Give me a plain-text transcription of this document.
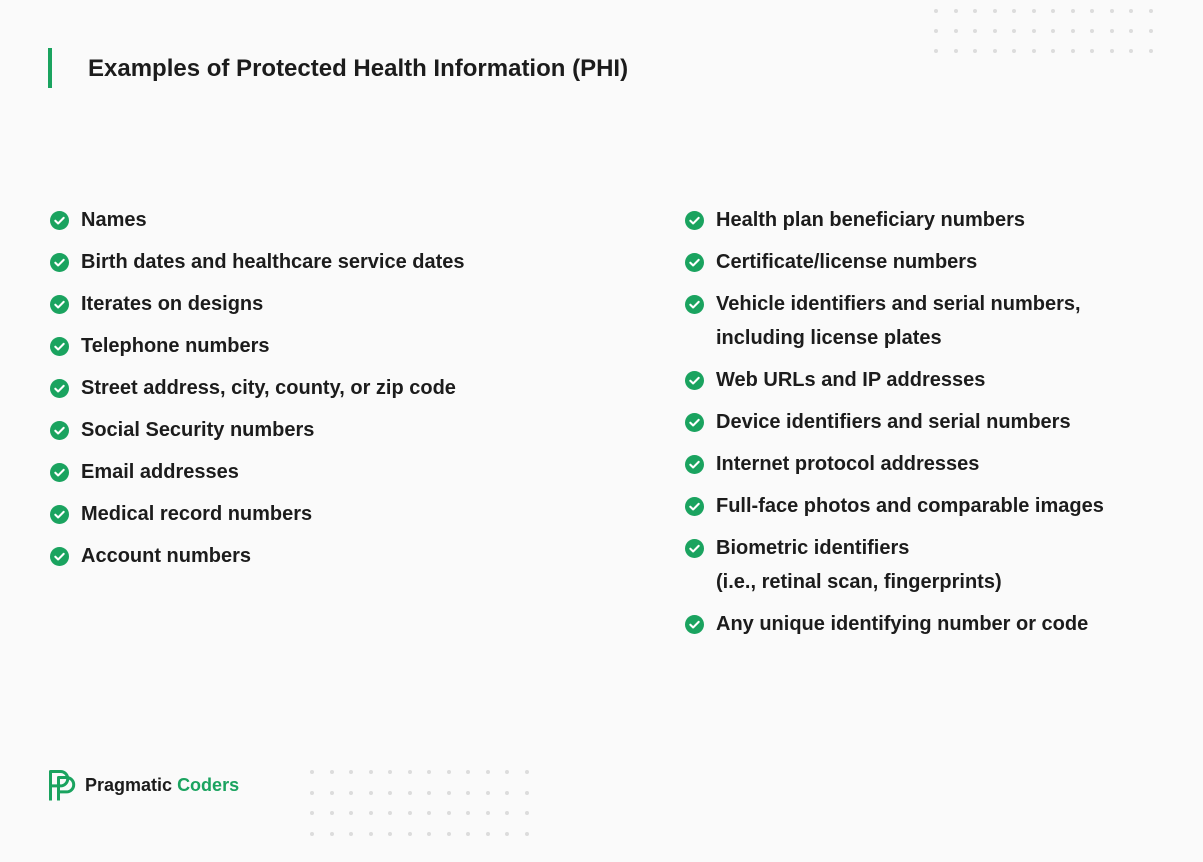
Examples of Protected Health Information (PHI)
Names
Birth dates and healthcare service dates
Iterates on designs
Telephone numbers
Street address, city, county, or zip code
Social Security numbers
Email addresses
Medical record numbers
Account numbers
Health plan beneficiary numbers
Certificate/license numbers
Vehicle identifiers and serial numbers,
including license plates
Web URLs and IP addresses
Device identifiers and serial numbers
Internet protocol addresses
Full-face photos and comparable images
Biometric identifiers
(i.e., retinal scan, fingerprints)
Any unique identifying number or code
Pragmatic Coders
